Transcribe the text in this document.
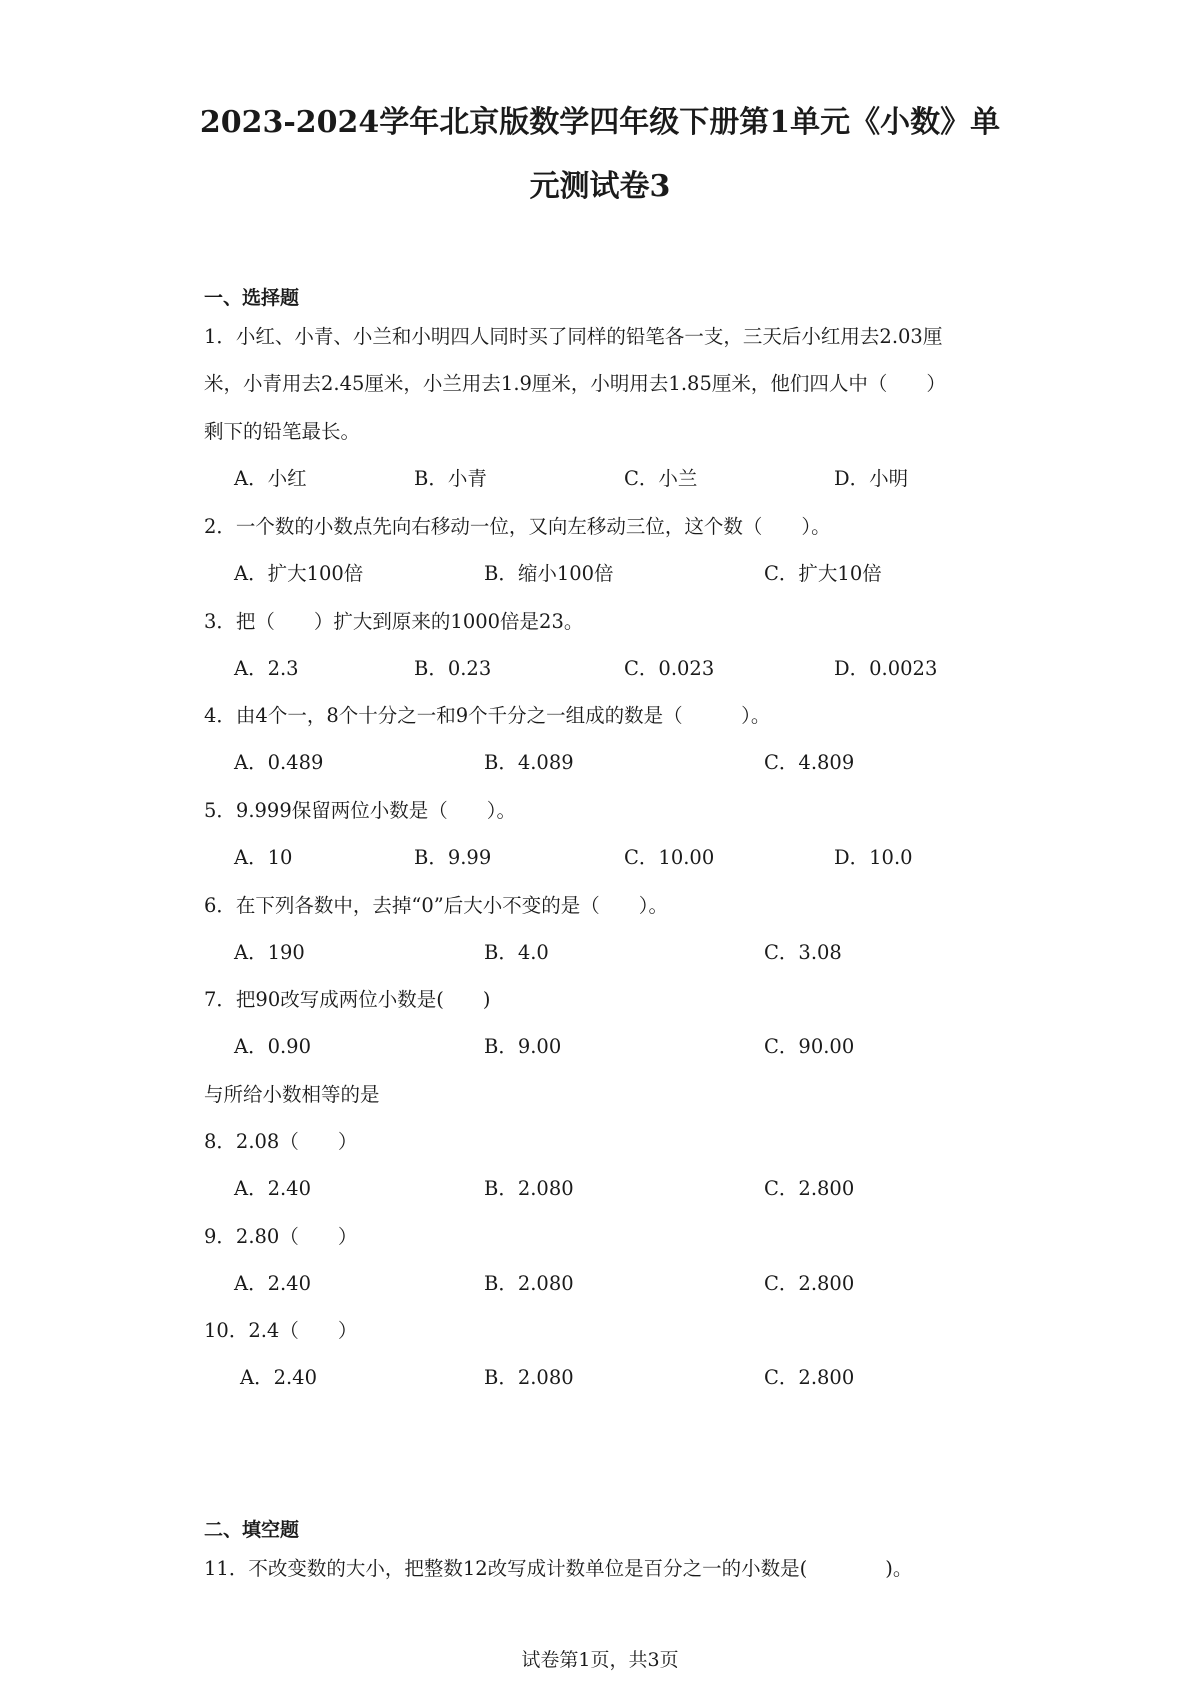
2023-2024学年北京版数学四年级下册第1单元《小数》单
元测试卷3
一、选择题
1．小红、小青、小兰和小明四人同时买了同样的铅笔各一支，三天后小红用去2.03厘
米，小青用去2.45厘米，小兰用去1.9厘米，小明用去1.85厘米，他们四人中（　　）
剩下的铅笔最长。
A．小红	B．小青	C．小兰	D．小明
2．一个数的小数点先向右移动一位，又向左移动三位，这个数（　　）。
A．扩大100倍	B．缩小100倍	C．扩大10倍
3．把（　　）扩大到原来的1000倍是23。
A．2.3	B．0.23	C．0.023	D．0.0023
4．由4个一，8个十分之一和9个千分之一组成的数是（　　　）。
A．0.489	B．4.089	C．4.809
5．9.999保留两位小数是（　　）。
A．10	B．9.99	C．10.00	D．10.0
6．在下列各数中，去掉“0”后大小不变的是（　　）。
A．190	B．4.0	C．3.08
7．把90改写成两位小数是(　　)
A．0.90	B．9.00	C．90.00
与所给小数相等的是
8．2.08（　　）
A．2.40	B．2.080	C．2.800
9．2.80（　　）
A．2.40	B．2.080	C．2.800
10．2.4（　　）
A．2.40	B．2.080	C．2.800
二、填空题
11．不改变数的大小，把整数12改写成计数单位是百分之一的小数是(　　　　)。
试卷第1页，共3页
